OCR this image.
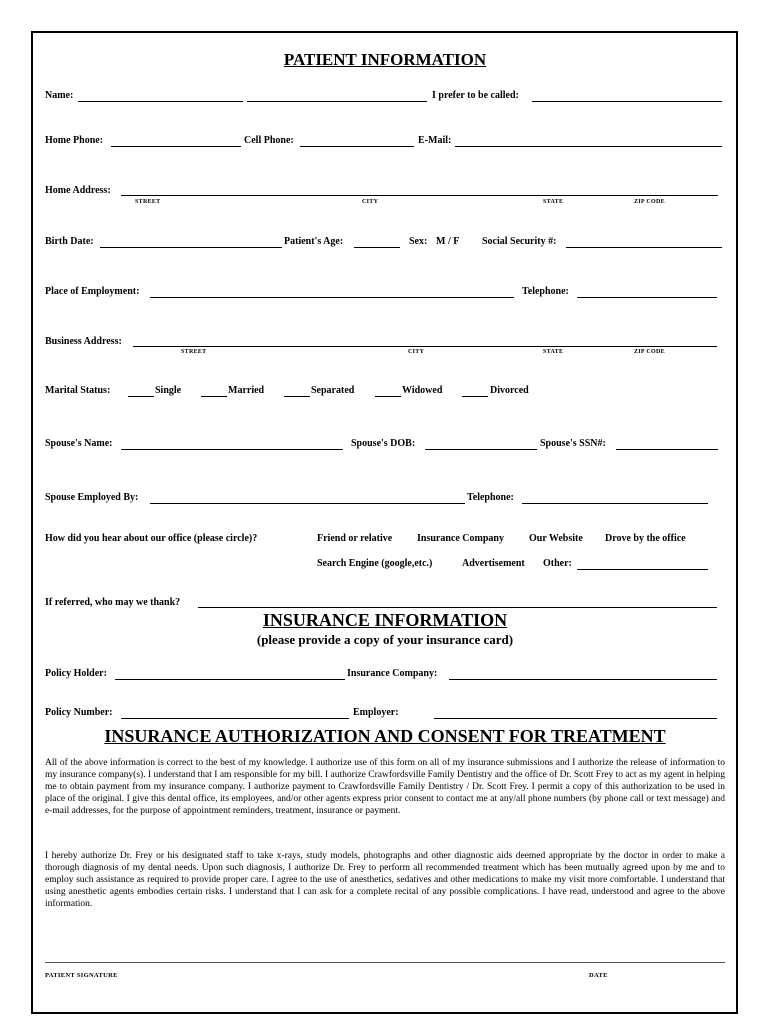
PATIENT INFORMATION
Name:	I prefer to be called:
Home Phone:	Cell Phone:	E-Mail:
Home Address:
STREET	CITY	STATE	ZIP CODE
Birth Date:	Patient's Age:	Sex: M / F Social Security #:
Place of Employment:	Telephone:
Business Address:
STREET	CITY	STATE	ZIP CODE
Marital Status:	Single	Married	Separated	Widowed	Divorced
Spouse's Name:	Spouse's DOB:	Spouse's SSN#:
Spouse Employed By:	Telephone:
How did you hear about our office (please circle)?	Friend or relative Insurance Company	Our Website Drove by the office
Search Engine (google,etc.)	Advertisement Other:
If referred, who may we thank?
INSURANCE INFORMATION
(please provide a copy of your insurance card)
Policy Holder:	Insurance Company:
Policy Number:	Employer:
INSURANCE AUTHORIZATION AND CONSENT FOR TREATMENT
All of the above information is correct to the best of my knowledge. I authorize use of this form on all of my insurance submissions and I authorize the release of information to my insurance company(s). I understand that I am responsible for my bill. I authorize Crawfordsville Family Dentistry and the office of Dr. Scott Frey to act as my agent in helping me to obtain payment from my insurance company. I authorize payment to Crawfordsville Family Dentistry / Dr. Scott Frey. I permit a copy of this authorization to be used in place of the original. I give this dental office, its employees, and/or other agents express prior consent to contact me at any/all phone numbers (by phone call or text message) and e-mail addresses, for the purpose of appointment reminders, treatment, insurance or payment.
I hereby authorize Dr. Frey or his designated staff to take x-rays, study models, photographs and other diagnostic aids deemed appropriate by the doctor in order to make a thorough diagnosis of my dental needs. Upon such diagnosis, I authorize Dr. Frey to perform all recommended treatment which has been mutually agreed upon by me and to employ such assistance as required to provide proper care. I agree to the use of anesthetics, sedatives and other medications to make my visit more comfortable. I understand that using anesthetic agents embodies certain risks. I understand that I can ask for a complete recital of any possible complications. I have read, understood and agree to the above information.
PATIENT SIGNATURE	DATE
